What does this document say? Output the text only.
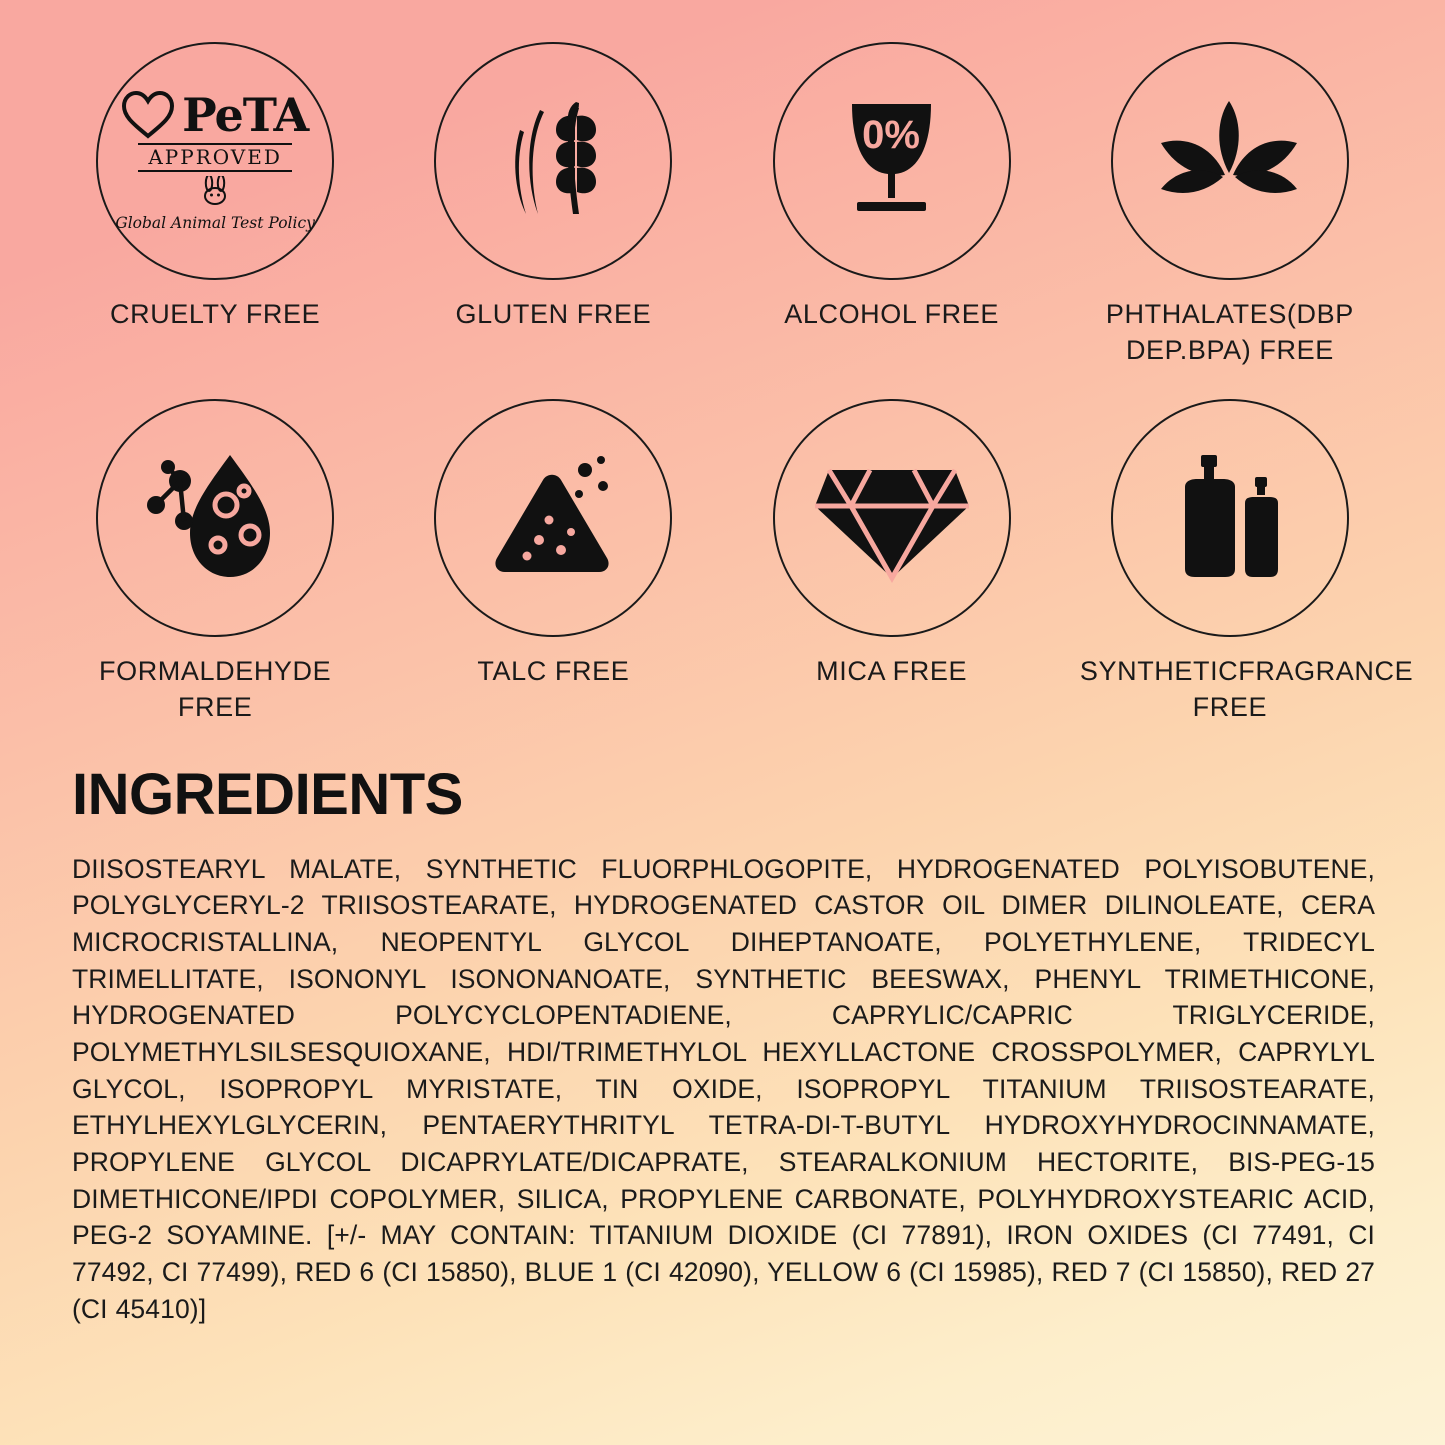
PeTA
APPROVED
Global Animal Test Policy
CRUELTY FREE	GLUTEN FREE
0%
ALCOHOL FREE	PHTHALATES(DBP DEP.BPA) FREE
FORMALDEHYDE FREE
TALC FREE	MICA FREE	SYNTHETICFRAGRANCE FREE
INGREDIENTS

DIISOSTEARYL MALATE, SYNTHETIC FLUORPHLOGOPITE, HYDROGENATED POLYISOBUTENE, POLYGLYCERYL-2 TRIISOSTEARATE, HYDROGENATED CASTOR OIL DIMER DILINOLEATE, CERA MICROCRISTALLINA, NEOPENTYL GLYCOL DIHEPTANOATE, POLYETHYLENE, TRIDECYL TRIMELLITATE, ISONONYL ISONONANOATE, SYNTHETIC BEESWAX, PHENYL TRIMETHICONE, HYDROGENATED POLYCYCLOPENTADIENE, CAPRYLIC/CAPRIC TRIGLYCERIDE, POLYMETHYLSILSESQUIOXANE, HDI/TRIMETHYLOL HEXYLLACTONE CROSSPOLYMER, CAPRYLYL GLYCOL, ISOPROPYL MYRISTATE, TIN OXIDE, ISOPROPYL TITANIUM TRIISOSTEARATE, ETHYLHEXYLGLYCERIN, PENTAERYTHRITYL TETRA-DI-T-BUTYL HYDROXYHYDROCINNAMATE, PROPYLENE GLYCOL DICAPRYLATE/DICAPRATE, STEARALKONIUM HECTORITE, BIS-PEG-15 DIMETHICONE/IPDI COPOLYMER, SILICA, PROPYLENE CARBONATE, POLYHYDROXYSTEARIC ACID, PEG-2 SOYAMINE. [+/- MAY CONTAIN: TITANIUM DIOXIDE (CI 77891), IRON OXIDES (CI 77491, CI 77492, CI 77499), RED 6 (CI 15850), BLUE 1 (CI 42090), YELLOW 6 (CI 15985), RED 7 (CI 15850), RED 27 (CI 45410)]
